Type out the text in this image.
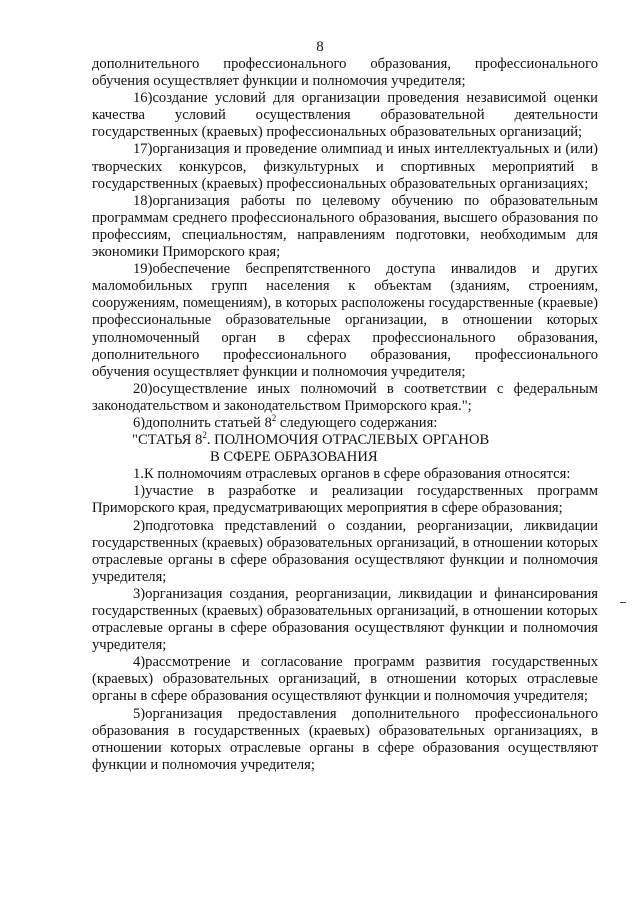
8

дополнительного профессионального образования, профессионального обучения осуществляет функции и полномочия учредителя;

16)создание условий для организации проведения независимой оценки качества условий осуществления образовательной деятельности государственных (краевых) профессиональных образовательных организаций;

17)организация и проведение олимпиад и иных интеллектуальных и (или) творческих конкурсов, физкультурных и спортивных мероприятий в государственных (краевых) профессиональных образовательных организациях;

18)организация работы по целевому обучению по образовательным программам среднего профессионального образования, высшего образования по профессиям, специальностям, направлениям подготовки, необходимым для экономики Приморского края;

19)обеспечение беспрепятственного доступа инвалидов и других маломобильных групп населения к объектам (зданиям, строениям, сооружениям, помещениям), в которых расположены государственные (краевые) профессиональные образовательные организации, в отношении которых уполномоченный орган в сферах профессионального образования, дополнительного профессионального образования, профессионального обучения осуществляет функции и полномочия учредителя;

20)осуществление иных полномочий в соответствии с федеральным законодательством и законодательством Приморского края.";

6)дополнить статьей $8^2$ следующего содержания:

"СТАТЬЯ $8^2$. ПОЛНОМОЧИЯ ОТРАСЛЕВЫХ ОРГАНОВ

В СФЕРЕ ОБРАЗОВАНИЯ

1.К полномочиям отраслевых органов в сфере образования относятся:

1)участие в разработке и реализации государственных программ Приморского края, предусматривающих мероприятия в сфере образования;

2)подготовка представлений о создании, реорганизации, ликвидации государственных (краевых) образовательных организаций, в отношении которых отраслевые органы в сфере образования осуществляют функции и полномочия учредителя;

3)организация создания, реорганизации, ликвидации и финансирования государственных (краевых) образовательных организаций, в отношении которых отраслевые органы в сфере образования осуществляют функции и полномочия учредителя;

4)рассмотрение и согласование программ развития государственных (краевых) образовательных организаций, в отношении которых отраслевые органы в сфере образования осуществляют функции и полномочия учредителя;

5)организация предоставления дополнительного профессионального образования в государственных (краевых) образовательных организациях, в отношении которых отраслевые органы в сфере образования осуществляют функции и полномочия учредителя;
